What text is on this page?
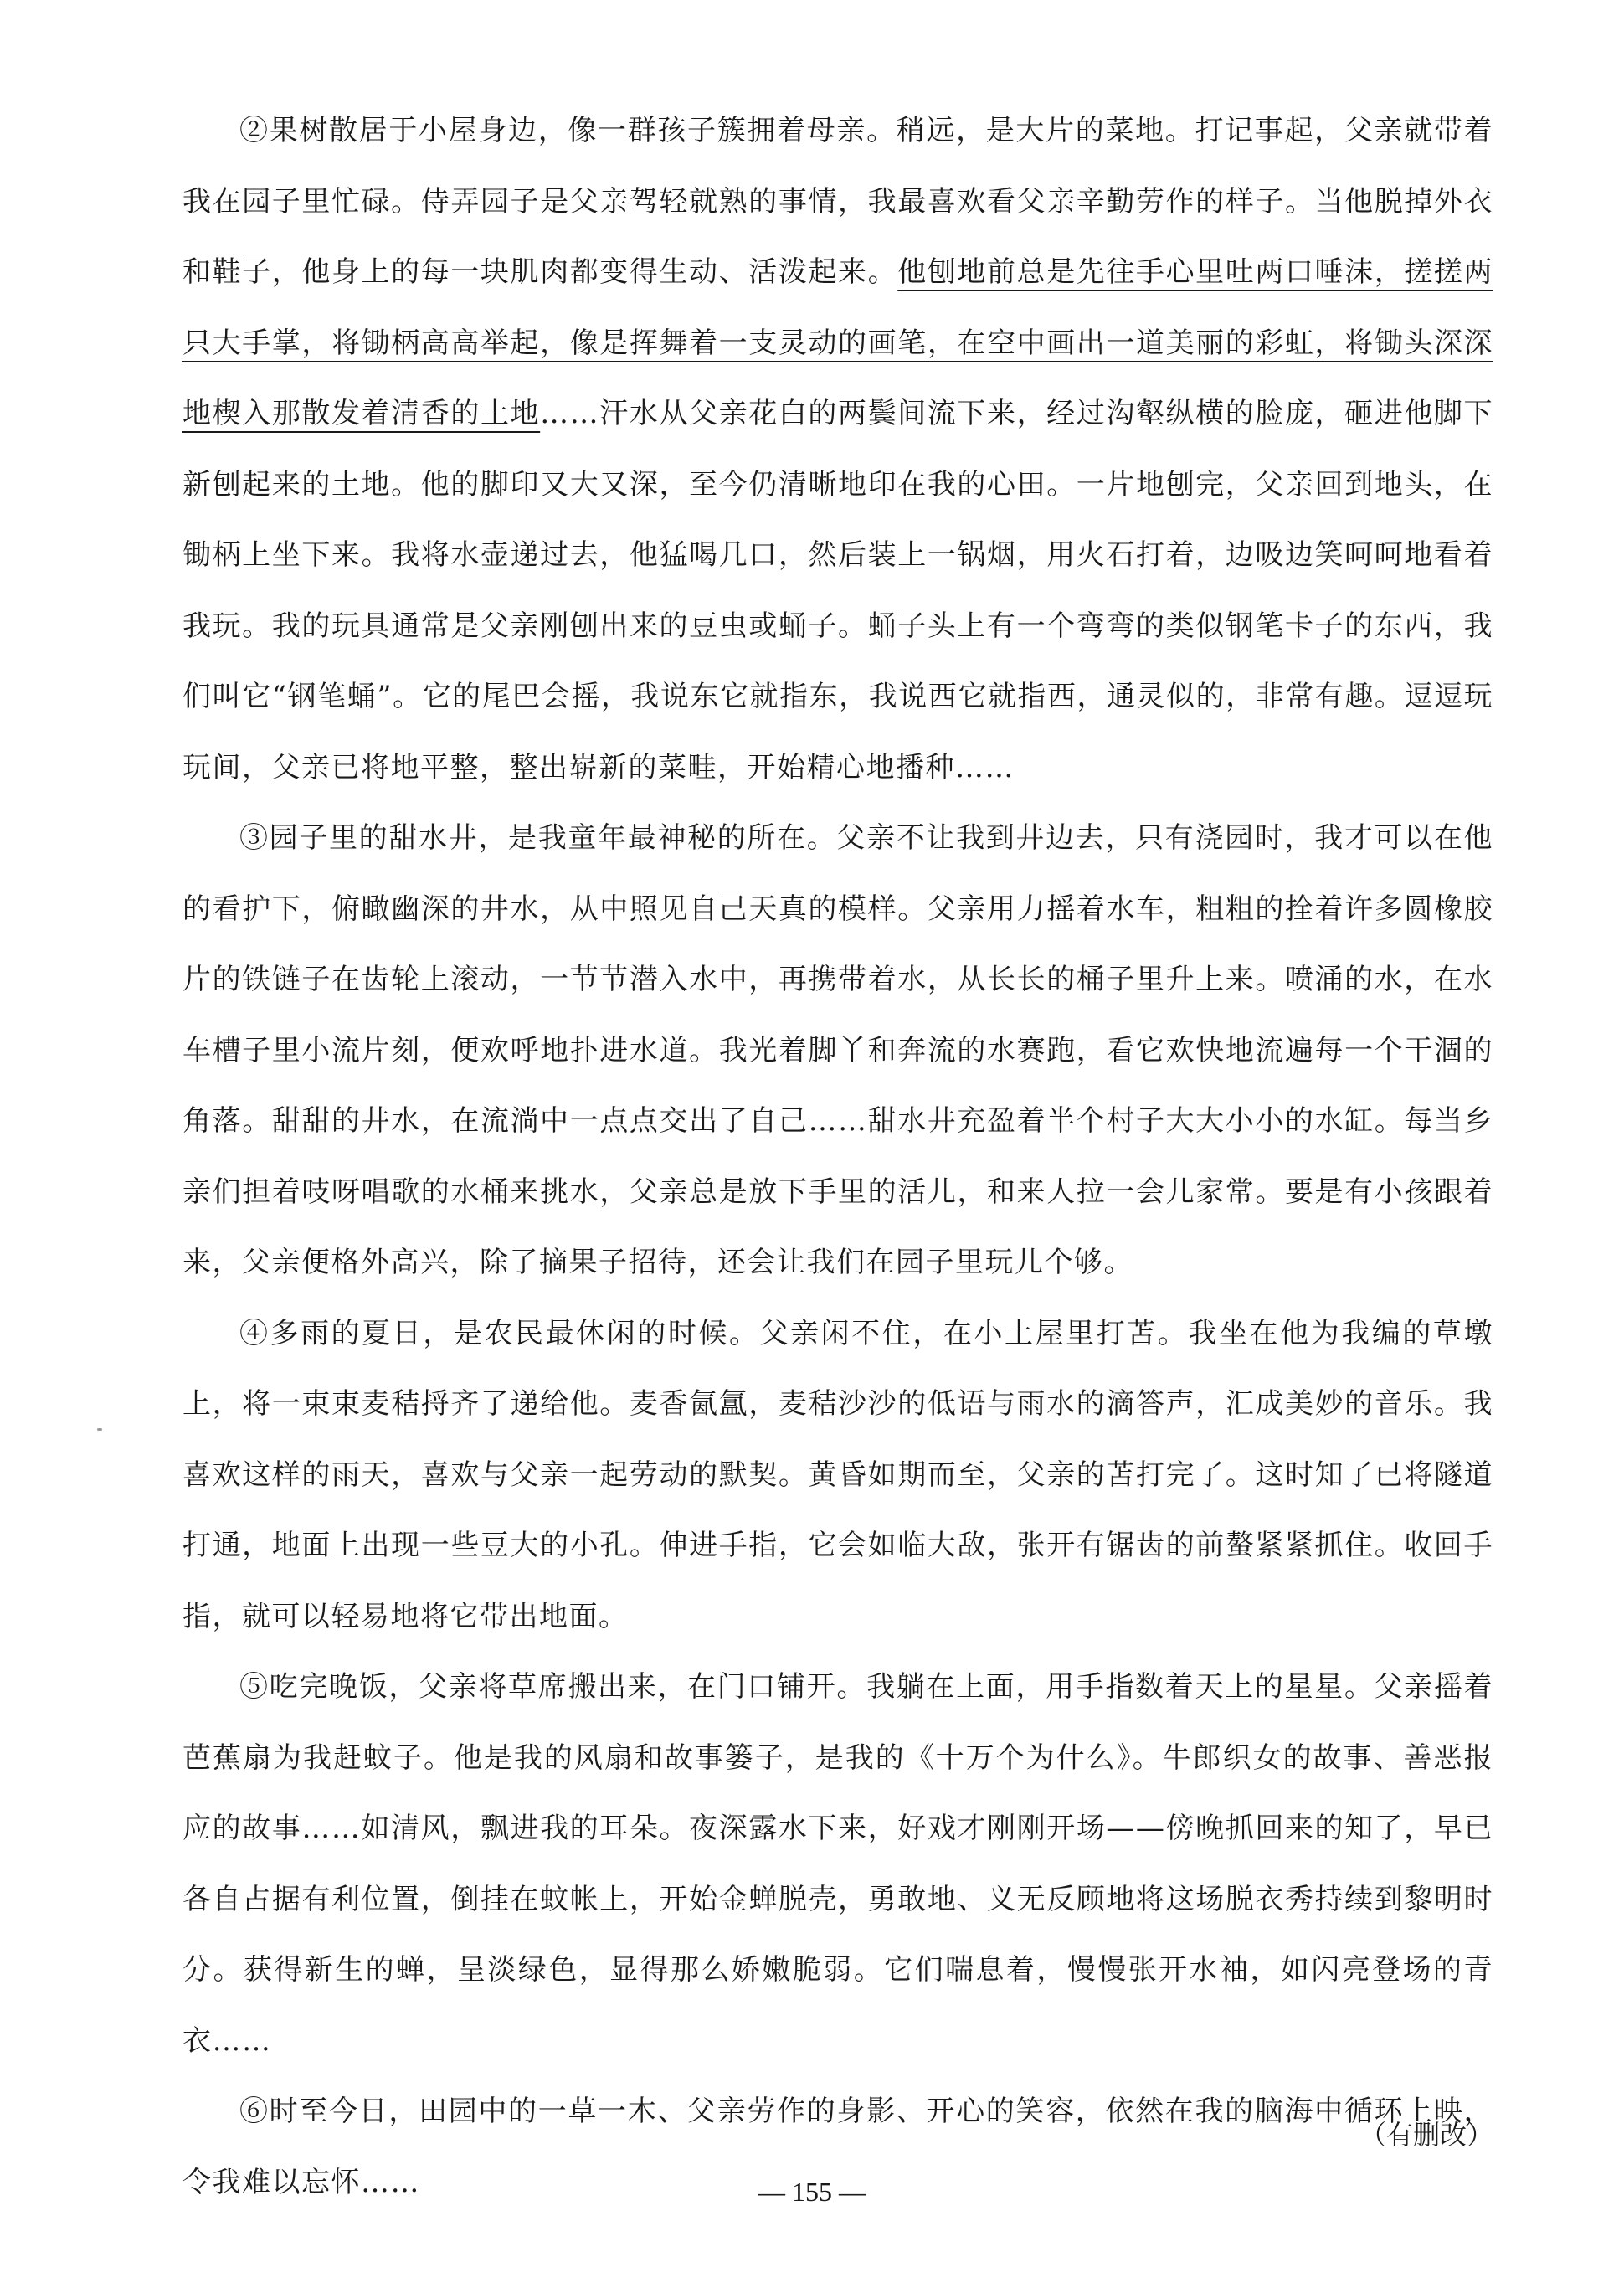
②果树散居于小屋身边，像一群孩子簇拥着母亲。稍远，是大片的菜地。打记事起，父亲就带着我在园子里忙碌。侍弄园子是父亲驾轻就熟的事情，我最喜欢看父亲辛勤劳作的样子。当他脱掉外衣和鞋子，他身上的每一块肌肉都变得生动、活泼起来。他刨地前总是先往手心里吐两口唾沫，搓搓两只大手掌，将锄柄高高举起，像是挥舞着一支灵动的画笔，在空中画出一道美丽的彩虹，将锄头深深地楔入那散发着清香的土地……汗水从父亲花白的两鬓间流下来，经过沟壑纵横的脸庞，砸进他脚下新刨起来的土地。他的脚印又大又深，至今仍清晰地印在我的心田。一片地刨完，父亲回到地头，在锄柄上坐下来。我将水壶递过去，他猛喝几口，然后装上一锅烟，用火石打着，边吸边笑呵呵地看着我玩。我的玩具通常是父亲刚刨出来的豆虫或蛹子。蛹子头上有一个弯弯的类似钢笔卡子的东西，我们叫它“钢笔蛹”。它的尾巴会摇，我说东它就指东，我说西它就指西，通灵似的，非常有趣。逗逗玩玩间，父亲已将地平整，整出崭新的菜畦，开始精心地播种……

③园子里的甜水井，是我童年最神秘的所在。父亲不让我到井边去，只有浇园时，我才可以在他的看护下，俯瞰幽深的井水，从中照见自己天真的模样。父亲用力摇着水车，粗粗的拴着许多圆橡胶片的铁链子在齿轮上滚动，一节节潜入水中，再携带着水，从长长的桶子里升上来。喷涌的水，在水车槽子里小流片刻，便欢呼地扑进水道。我光着脚丫和奔流的水赛跑，看它欢快地流遍每一个干涸的角落。甜甜的井水，在流淌中一点点交出了自己……甜水井充盈着半个村子大大小小的水缸。每当乡亲们担着吱呀唱歌的水桶来挑水，父亲总是放下手里的活儿，和来人拉一会儿家常。要是有小孩跟着来，父亲便格外高兴，除了摘果子招待，还会让我们在园子里玩儿个够。

④多雨的夏日，是农民最休闲的时候。父亲闲不住，在小土屋里打苫。我坐在他为我编的草墩上，将一束束麦秸捋齐了递给他。麦香氤氲，麦秸沙沙的低语与雨水的滴答声，汇成美妙的音乐。我喜欢这样的雨天，喜欢与父亲一起劳动的默契。黄昏如期而至，父亲的苫打完了。这时知了已将隧道打通，地面上出现一些豆大的小孔。伸进手指，它会如临大敌，张开有锯齿的前螯紧紧抓住。收回手指，就可以轻易地将它带出地面。

⑤吃完晚饭，父亲将草席搬出来，在门口铺开。我躺在上面，用手指数着天上的星星。父亲摇着芭蕉扇为我赶蚊子。他是我的风扇和故事篓子，是我的《十万个为什么》。牛郎织女的故事、善恶报应的故事……如清风，飘进我的耳朵。夜深露水下来，好戏才刚刚开场——傍晚抓回来的知了，早已各自占据有利位置，倒挂在蚊帐上，开始金蝉脱壳，勇敢地、义无反顾地将这场脱衣秀持续到黎明时分。获得新生的蝉，呈淡绿色，显得那么娇嫩脆弱。它们喘息着，慢慢张开水袖，如闪亮登场的青衣……

⑥时至今日，田园中的一草一木、父亲劳作的身影、开心的笑容，依然在我的脑海中循环上映，令我难以忘怀……

（有删改）

— 155 —
